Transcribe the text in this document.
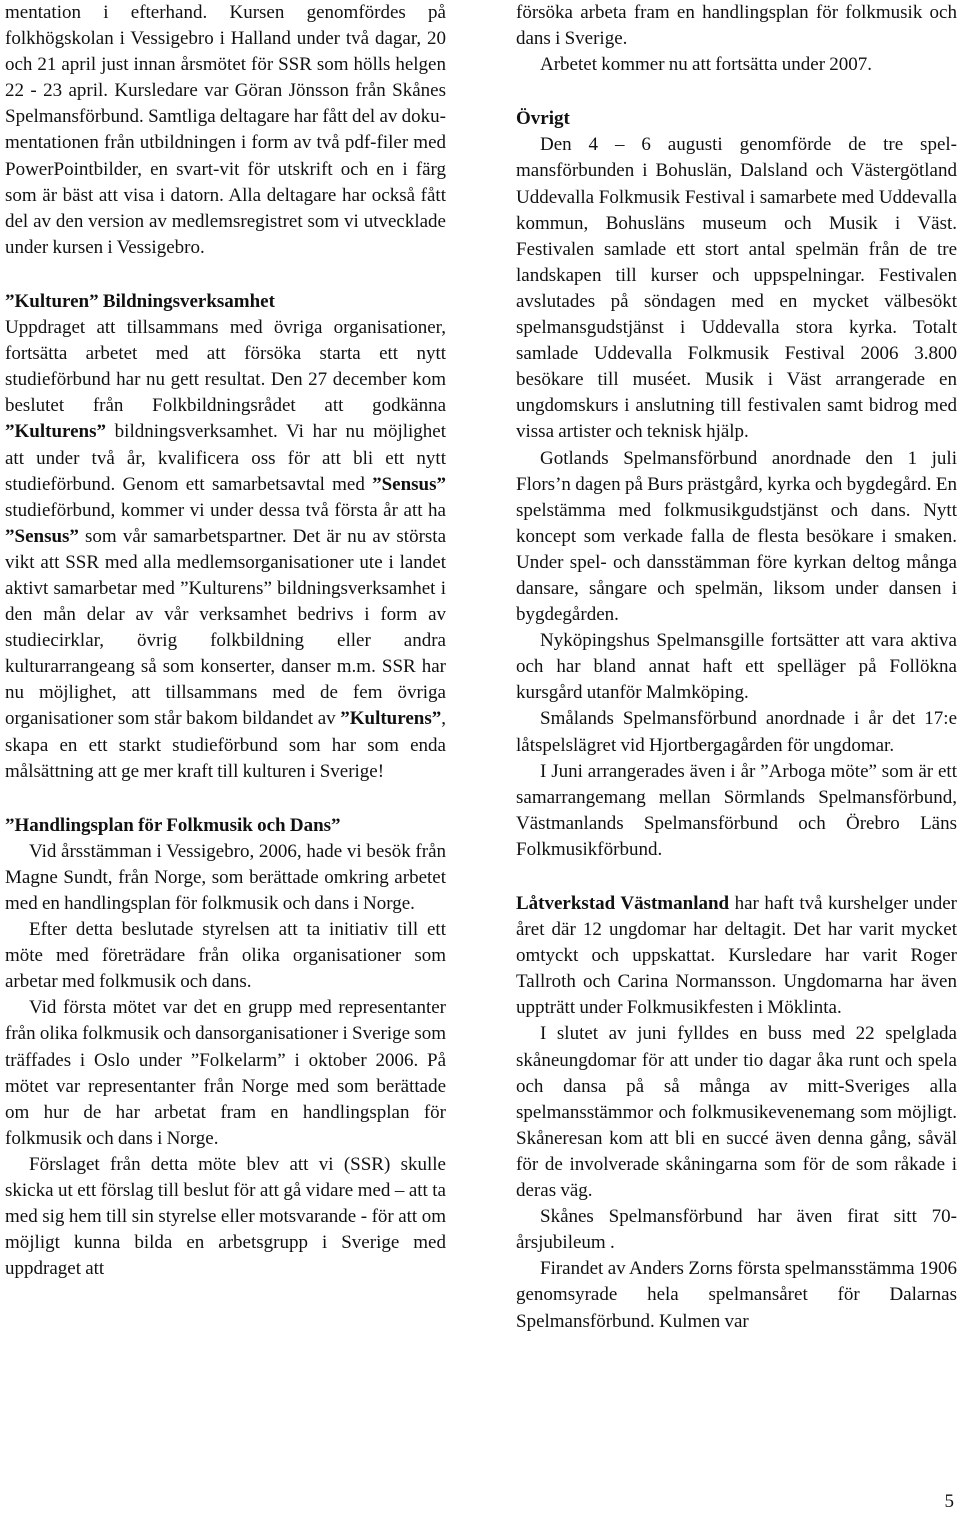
mentation i efterhand. Kursen genomfördes på folkhögskolan i Vessigebro i Halland under två dagar, 20 och 21 april just innan årsmötet för SSR som hölls helgen 22 - 23 april. Kursledare var Göran Jönsson från Skånes Spelmansförbund. Samtliga deltagare har fått del av dokumentationen från utbildningen i form av två pdf-filer med PowerPointbilder, en svart-vit för utskrift och en i färg som är bäst att visa i datorn. Alla deltagare har också fått del av den version av medlemsregistret som vi utvecklade under kursen i Vessigebro.

”Kulturen” Bildningsverksamhet

Uppdraget att tillsammans med övriga organisationer, fortsätta arbetet med att försöka starta ett nytt studieförbund har nu gett resultat. Den 27 december kom beslutet från Folkbildningsrådet att godkänna ”Kulturens” bildningsverksamhet. Vi har nu möjlighet att under två år, kvalificera oss för att bli ett nytt studieförbund. Genom ett samarbetsavtal med ”Sensus” studieförbund, kommer vi under dessa två första år att ha ”Sensus” som vår samarbetspartner. Det är nu av största vikt att SSR med alla medlemsorganisationer ute i landet aktivt samarbetar med ”Kulturens” bildningsverksamhet i den mån delar av vår verksamhet bedrivs i form av studiecirklar, övrig folkbildning eller andra kulturarrangeang så som konserter, danser m.m. SSR har nu möjlighet, att tillsammans med de fem övriga organisationer som står bakom bildandet av ”Kulturens”, skapa en ett starkt studieförbund som har som enda målsättning att ge mer kraft till kulturen i Sverige!

”Handlingsplan för Folkmusik och Dans”

Vid årsstämman i Vessigebro, 2006, hade vi besök från Magne Sundt, från Norge, som berättade omkring arbetet med en handlingsplan för folkmusik och dans i Norge.

Efter detta beslutade styrelsen att ta initiativ till ett möte med företrädare från olika organisationer som arbetar med folkmusik och dans.

Vid första mötet var det en grupp med representanter från olika folkmusik och dansorganisationer i Sverige som träffades i Oslo under ”Folkelarm” i oktober 2006. På mötet var representanter från Norge med som berättade om hur de har arbetat fram en handlingsplan för folkmusik och dans i Norge.

Förslaget från detta möte blev att vi (SSR) skulle skicka ut ett förslag till beslut för att gå vidare med – att ta med sig hem till sin styrelse eller motsvarande - för att om möjligt kunna bilda en arbetsgrupp i Sverige med uppdraget att

försöka arbeta fram en handlingsplan för folkmusik och dans i Sverige.

Arbetet kommer nu att fortsätta under 2007.

Övrigt

Den 4 – 6 augusti genomförde de tre spelmansförbunden i Bohuslän, Dalsland och Västergötland Uddevalla Folkmusik Festival i samarbete med Uddevalla kommun, Bohusläns museum och Musik i Väst. Festivalen samlade ett stort antal spelmän från de tre landskapen till kurser och uppspelningar. Festivalen avslutades på söndagen med en mycket välbesökt spelmansgudstjänst i Uddevalla stora kyrka. Totalt samlade Uddevalla Folkmusik Festival 2006 3.800 besökare till muséet. Musik i Väst arrangerade en ungdomskurs i anslutning till festivalen samt bidrog med vissa artister och teknisk hjälp.

Gotlands Spelmansförbund anordnade den 1 juli Flors’n dagen på Burs prästgård, kyrka och bygdegård. En spelstämma med folkmusikgudstjänst och dans. Nytt koncept som verkade falla de flesta besökare i smaken. Under spel- och dansstämman före kyrkan deltog många dansare, sångare och spelmän, liksom under dansen i bygdegården.

Nyköpingshus Spelmansgille fortsätter att vara aktiva och har bland annat haft ett spelläger på Follökna kursgård utanför Malmköping.

Smålands Spelmansförbund anordnade i år det 17:e låtspelslägret vid Hjortbergagården för ungdomar.

I Juni arrangerades även i år ”Arboga möte” som är ett samarrangemang mellan Sörmlands Spelmansförbund, Västmanlands Spelmansförbund och Örebro Läns Folkmusikförbund.

Låtverkstad Västmanland har haft två kurshelger under året där 12 ungdomar har deltagit. Det har varit mycket omtyckt och uppskattat. Kursledare har varit Roger Tallroth och Carina Normansson. Ungdomarna har även uppträtt under Folkmusikfesten i Möklinta.

I slutet av juni fylldes en buss med 22 spelglada skåneungdomar för att under tio dagar åka runt och spela och dansa på så många av mitt-Sveriges alla spelmansstämmor och folkmusikevenemang som möjligt. Skåneresan kom att bli en succé även denna gång, såväl för de involverade skåningarna som för de som råkade i deras väg.

Skånes Spelmansförbund har även firat sitt 70-årsjubileum .

Firandet av Anders Zorns första spelmansstämma 1906 genomsyrade hela spelmansåret för Dalarnas Spelmansförbund. Kulmen var

5
